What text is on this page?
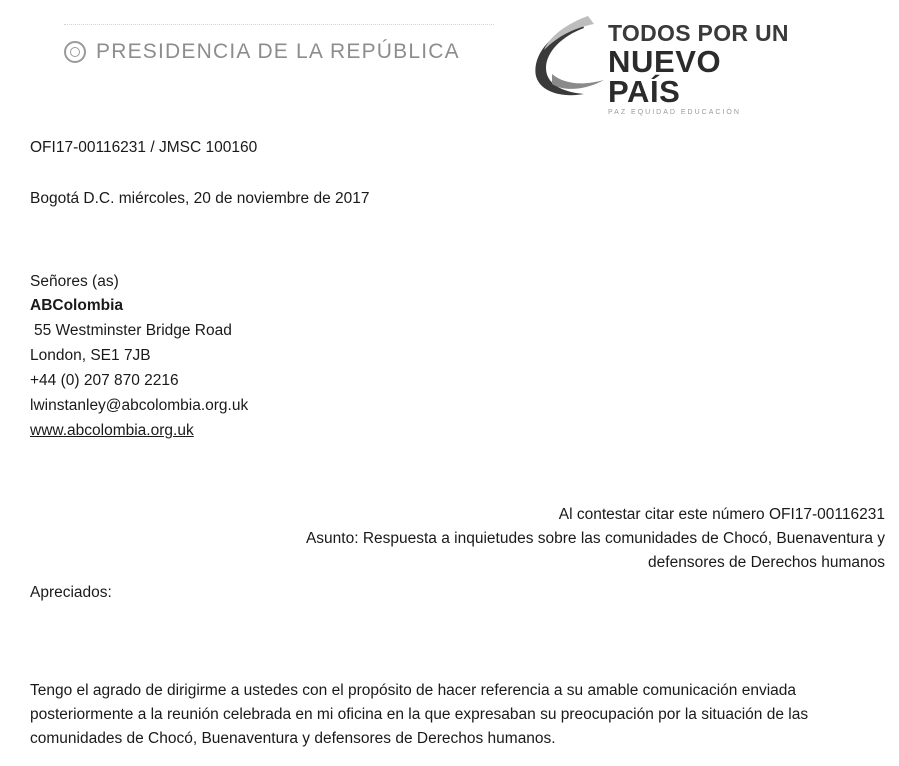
PRESIDENCIA DE LA REPÚBLICA
TODOS POR UN
NUEVO PAÍS
PAZ EQUIDAD EDUCACIÓN
OFI17-00116231 / JMSC 100160
Bogotá D.C. miércoles, 20 de noviembre de 2017
Señores (as)
ABColombia
55 Westminster Bridge Road
London, SE1 7JB
+44 (0) 207 870 2216
lwinstanley@abcolombia.org.uk
www.abcolombia.org.uk
Al contestar citar este número OFI17-00116231
Asunto: Respuesta a inquietudes sobre las comunidades de Chocó, Buenaventura y
defensores de Derechos humanos
Apreciados:
Tengo el agrado de dirigirme a ustedes con el propósito de hacer referencia a su amable comunicación enviada posteriormente a la reunión celebrada en mi oficina en la que expresaban su preocupación por la situación de las comunidades de Chocó, Buenaventura y defensores de Derechos humanos.
